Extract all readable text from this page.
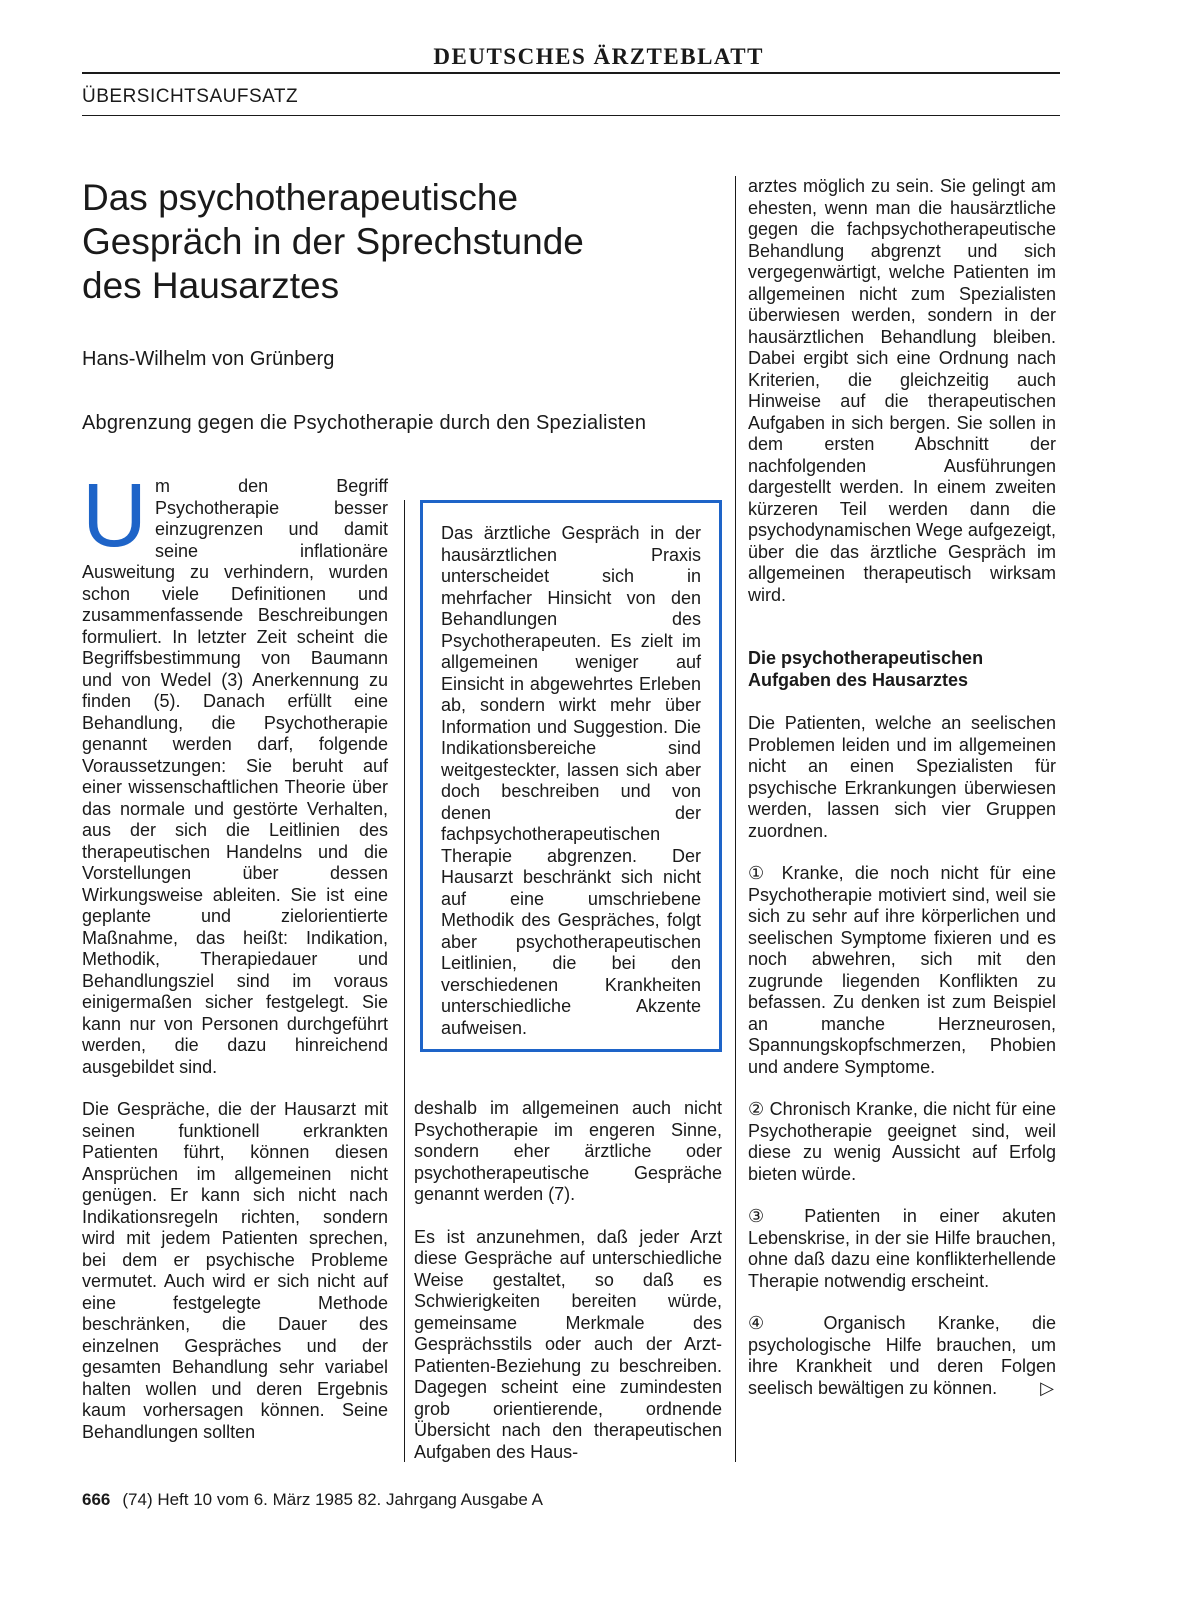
DEUTSCHES ÄRZTEBLATT
ÜBERSICHTSAUFSATZ
Das psychotherapeutische
Gespräch in der Sprechstunde
des Hausarztes
Hans-Wilhelm von Grünberg
Abgrenzung gegen die Psychotherapie durch den Spezialisten

Um den Begriff Psychotherapie besser einzugrenzen und damit seine inflationäre Ausweitung zu verhindern, wurden schon viele Definitionen und zusammenfassende Beschreibungen formuliert. In letzter Zeit scheint die Begriffsbestimmung von Baumann und von Wedel (3) Anerkennung zu finden (5). Danach erfüllt eine Behandlung, die Psychotherapie genannt werden darf, folgende Voraussetzungen: Sie beruht auf einer wissenschaftlichen Theorie über das normale und gestörte Verhalten, aus der sich die Leitlinien des therapeutischen Handelns und die Vorstellungen über dessen Wirkungsweise ableiten. Sie ist eine geplante und zielorientierte Maßnahme, das heißt: Indikation, Methodik, Therapiedauer und Behandlungsziel sind im voraus einigermaßen sicher festgelegt. Sie kann nur von Personen durchgeführt werden, die dazu hinreichend ausgebildet sind.

Die Gespräche, die der Hausarzt mit seinen funktionell erkrankten Patienten führt, können diesen Ansprüchen im allgemeinen nicht genügen. Er kann sich nicht nach Indikationsregeln richten, sondern wird mit jedem Patienten sprechen, bei dem er psychische Probleme vermutet. Auch wird er sich nicht auf eine festgelegte Methode beschränken, die Dauer des einzelnen Gespräches und der gesamten Behandlung sehr variabel halten wollen und deren Ergebnis kaum vorhersagen können. Seine Behandlungen sollten

Das ärztliche Gespräch in der hausärztlichen Praxis unterscheidet sich in mehrfacher Hinsicht von den Behandlungen des Psychotherapeuten. Es zielt im allgemeinen weniger auf Einsicht in abgewehrtes Erleben ab, sondern wirkt mehr über Information und Suggestion. Die Indikationsbereiche sind weitgesteckter, lassen sich aber doch beschreiben und von denen der fachpsychotherapeutischen Therapie abgrenzen. Der Hausarzt beschränkt sich nicht auf eine umschriebene Methodik des Gespräches, folgt aber psychotherapeutischen Leitlinien, die bei den verschiedenen Krankheiten unterschiedliche Akzente aufweisen.

deshalb im allgemeinen auch nicht Psychotherapie im engeren Sinne, sondern eher ärztliche oder psychotherapeutische Gespräche genannt werden (7).

Es ist anzunehmen, daß jeder Arzt diese Gespräche auf unterschiedliche Weise gestaltet, so daß es Schwierigkeiten bereiten würde, gemeinsame Merkmale des Gesprächsstils oder auch der Arzt-Patienten-Beziehung zu beschreiben. Dagegen scheint eine zumindesten grob orientierende, ordnende Übersicht nach den therapeutischen Aufgaben des Haus-

arztes möglich zu sein. Sie gelingt am ehesten, wenn man die hausärztliche gegen die fachpsychotherapeutische Behandlung abgrenzt und sich vergegenwärtigt, welche Patienten im allgemeinen nicht zum Spezialisten überwiesen werden, sondern in der hausärztlichen Behandlung bleiben. Dabei ergibt sich eine Ordnung nach Kriterien, die gleichzeitig auch Hinweise auf die therapeutischen Aufgaben in sich bergen. Sie sollen in dem ersten Abschnitt der nachfolgenden Ausführungen dargestellt werden. In einem zweiten kürzeren Teil werden dann die psychodynamischen Wege aufgezeigt, über die das ärztliche Gespräch im allgemeinen therapeutisch wirksam wird.

Die psychotherapeutischen Aufgaben des Hausarztes

Die Patienten, welche an seelischen Problemen leiden und im allgemeinen nicht an einen Spezialisten für psychische Erkrankungen überwiesen werden, lassen sich vier Gruppen zuordnen.

① Kranke, die noch nicht für eine Psychotherapie motiviert sind, weil sie sich zu sehr auf ihre körperlichen und seelischen Symptome fixieren und es noch abwehren, sich mit den zugrunde liegenden Konflikten zu befassen. Zu denken ist zum Beispiel an manche Herzneurosen, Spannungskopfschmerzen, Phobien und andere Symptome.

② Chronisch Kranke, die nicht für eine Psychotherapie geeignet sind, weil diese zu wenig Aussicht auf Erfolg bieten würde.

③ Patienten in einer akuten Lebenskrise, in der sie Hilfe brauchen, ohne daß dazu eine konflikterhellende Therapie notwendig erscheint.

④ Organisch Kranke, die psychologische Hilfe brauchen, um ihre Krankheit und deren Folgen seelisch bewältigen zu können. ▷

666 (74) Heft 10 vom 6. März 1985 82. Jahrgang Ausgabe A
